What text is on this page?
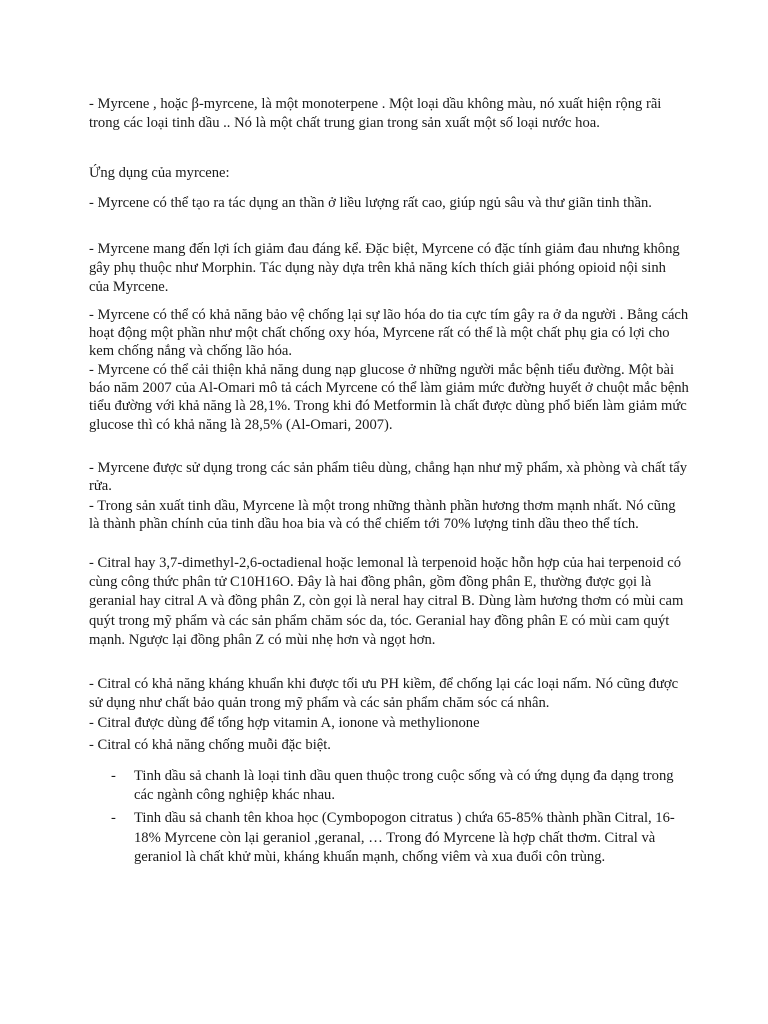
- Myrcene , hoặc β-myrcene, là một monoterpene . Một loại dầu không màu, nó xuất hiện rộng rãi trong các loại tinh dầu .. Nó là một chất trung gian trong sản xuất một số loại nước hoa.

Ứng dụng của myrcene:

- Myrcene có thể tạo ra tác dụng an thần ở liều lượng rất cao, giúp ngủ sâu và thư giãn tinh thần.

- Myrcene mang đến lợi ích giảm đau đáng kể. Đặc biệt, Myrcene có đặc tính giảm đau nhưng không gây phụ thuộc như Morphin. Tác dụng này dựa trên khả năng kích thích giải phóng opioid nội sinh của Myrcene.

- Myrcene có thể có khả năng bảo vệ chống lại sự lão hóa do tia cực tím gây ra ở da người . Bằng cách hoạt động một phần như một chất chống oxy hóa, Myrcene rất có thể là một chất phụ gia có lợi cho kem chống nắng và chống lão hóa.

- Myrcene có thể cải thiện khả năng dung nạp glucose ở những người mắc bệnh tiểu đường. Một bài báo năm 2007 của Al-Omari mô tả cách Myrcene có thể làm giảm mức đường huyết ở chuột mắc bệnh tiểu đường với khả năng là 28,1%. Trong khi đó Metformin là chất được dùng phổ biến làm giảm mức glucose thì có khả năng là 28,5% (Al-Omari, 2007).

- Myrcene được sử dụng trong các sản phẩm tiêu dùng, chẳng hạn như mỹ phẩm, xà phòng và chất tẩy rửa.

- Trong sản xuất tinh dầu, Myrcene là một trong những thành phần hương thơm mạnh nhất. Nó cũng là thành phần chính của tinh dầu hoa bia và có thể chiếm tới 70% lượng tinh dầu theo thể tích.

- Citral hay 3,7-dimethyl-2,6-octadienal hoặc lemonal là terpenoid hoặc hỗn hợp của hai terpenoid có cùng công thức phân tử C10H16O. Đây là hai đồng phân, gồm đồng phân E, thường được gọi là geranial hay citral A và đồng phân Z, còn gọi là neral hay citral B. Dùng làm hương thơm có mùi cam quýt trong mỹ phẩm và các sản phẩm chăm sóc da, tóc. Geranial hay đồng phân E có mùi cam quýt mạnh. Ngược lại đồng phân Z có mùi nhẹ hơn và ngọt hơn.

- Citral có khả năng kháng khuẩn khi được tối ưu PH kiềm, để chống lại các loại nấm. Nó cũng được sử dụng như chất bảo quản trong mỹ phẩm và các sản phẩm chăm sóc cá nhân.

- Citral được dùng để tổng hợp vitamin A, ionone và methylionone

- Citral có khả năng chống muỗi đặc biệt.

- Tinh dầu sả chanh là loại tinh dầu quen thuộc trong cuộc sống và có ứng dụng đa dạng trong các ngành công nghiệp khác nhau.
- Tinh dầu sả chanh tên khoa học (Cymbopogon citratus ) chứa 65-85% thành phần Citral, 16-18% Myrcene còn lại geraniol ,geranal, … Trong đó Myrcene là hợp chất thơm. Citral và geraniol là chất khử mùi, kháng khuẩn mạnh, chống viêm và xua đuổi côn trùng.
